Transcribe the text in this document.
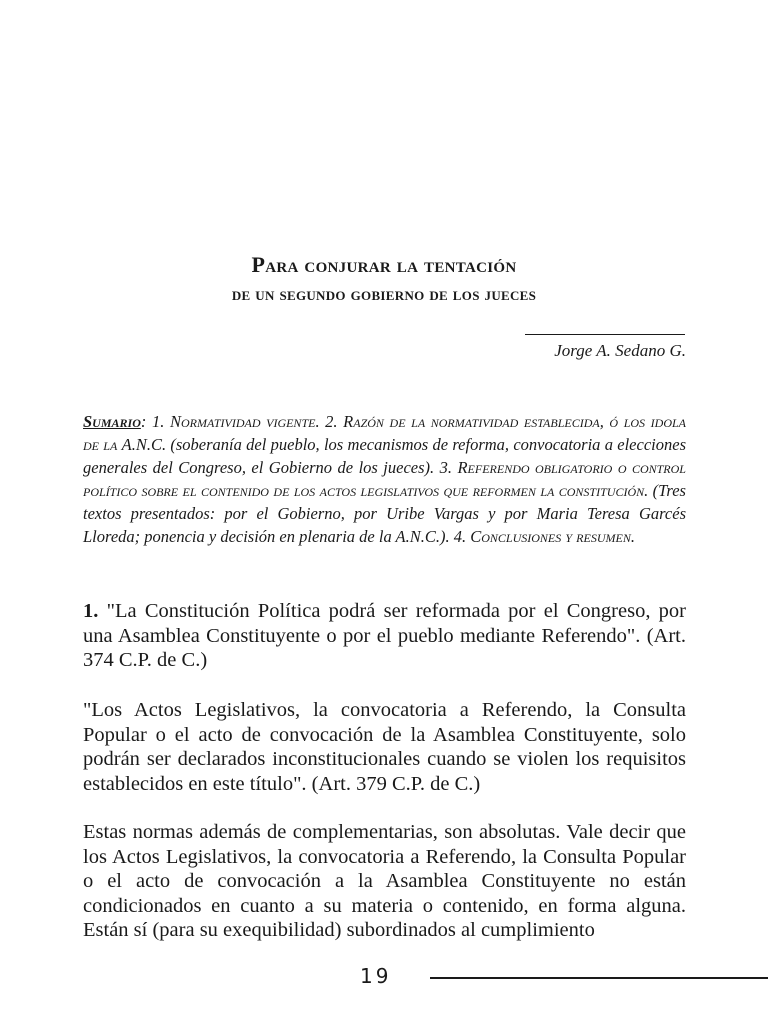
Para conjurar la tentación
de un segundo gobierno de los jueces
Jorge A. Sedano G.
Sumario: 1. Normatividad vigente. 2. Razón de la normatividad establecida, ó los idola de la A.N.C. (soberanía del pueblo, los mecanismos de reforma, convocatoria a elecciones generales del Congreso, el Gobierno de los jueces). 3. Referendo obligatorio o control político sobre el contenido de los actos legislativos que reformen la constitución. (Tres textos presentados: por el Gobierno, por Uribe Vargas y por Maria Teresa Garcés Lloreda; ponencia y decisión en plenaria de la A.N.C.). 4. Conclusiones y resumen.
1. "La Constitución Política podrá ser reformada por el Congreso, por una Asamblea Constituyente o por el pueblo mediante Referendo". (Art. 374 C.P. de C.)
"Los Actos Legislativos, la convocatoria a Referendo, la Consulta Popular o el acto de convocación de la Asamblea Constituyente, solo podrán ser declarados inconstitucionales cuando se violen los requisitos establecidos en este título". (Art. 379 C.P. de C.)
Estas normas además de complementarias, son absolutas. Vale decir que los Actos Legislativos, la convocatoria a Referendo, la Consulta Popular o el acto de convocación a la Asamblea Constituyente no están condicionados en cuanto a su materia o contenido, en forma alguna. Están sí (para su exequibilidad) subordinados al cumplimiento
19
